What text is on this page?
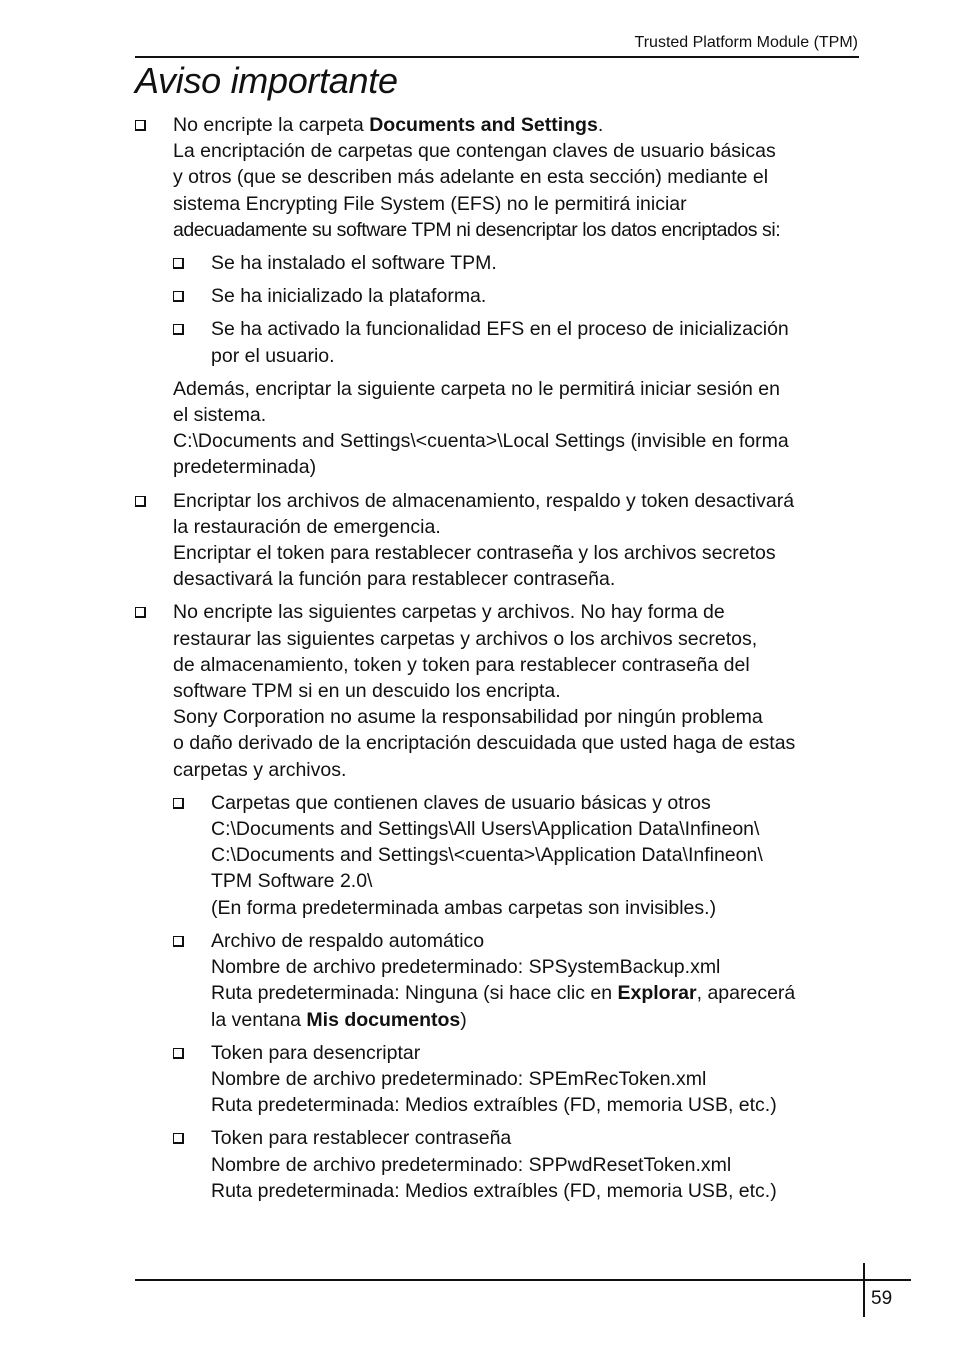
Trusted Platform Module (TPM)
Aviso importante
No encripte la carpeta Documents and Settings.
La encriptación de carpetas que contengan claves de usuario básicas
y otros (que se describen más adelante en esta sección) mediante el
sistema Encrypting File System (EFS) no le permitirá iniciar
adecuadamente su software TPM ni desencriptar los datos encriptados si:
Se ha instalado el software TPM.
Se ha inicializado la plataforma.
Se ha activado la funcionalidad EFS en el proceso de inicialización
por el usuario.
Además, encriptar la siguiente carpeta no le permitirá iniciar sesión en
el sistema.
C:\Documents and Settings\<cuenta>\Local Settings (invisible en forma
predeterminada)
Encriptar los archivos de almacenamiento, respaldo y token desactivará
la restauración de emergencia.
Encriptar el token para restablecer contraseña y los archivos secretos
desactivará la función para restablecer contraseña.
No encripte las siguientes carpetas y archivos. No hay forma de
restaurar las siguientes carpetas y archivos o los archivos secretos,
de almacenamiento, token y token para restablecer contraseña del
software TPM si en un descuido los encripta.
Sony Corporation no asume la responsabilidad por ningún problema
o daño derivado de la encriptación descuidada que usted haga de estas
carpetas y archivos.
Carpetas que contienen claves de usuario básicas y otros
C:\Documents and Settings\All Users\Application Data\Infineon\
C:\Documents and Settings\<cuenta>\Application Data\Infineon\
TPM Software 2.0\
(En forma predeterminada ambas carpetas son invisibles.)
Archivo de respaldo automático
Nombre de archivo predeterminado: SPSystemBackup.xml
Ruta predeterminada: Ninguna (si hace clic en Explorar, aparecerá
la ventana Mis documentos)
Token para desencriptar
Nombre de archivo predeterminado: SPEmRecToken.xml
Ruta predeterminada: Medios extraíbles (FD, memoria USB, etc.)
Token para restablecer contraseña
Nombre de archivo predeterminado: SPPwdResetToken.xml
Ruta predeterminada: Medios extraíbles (FD, memoria USB, etc.)
59
